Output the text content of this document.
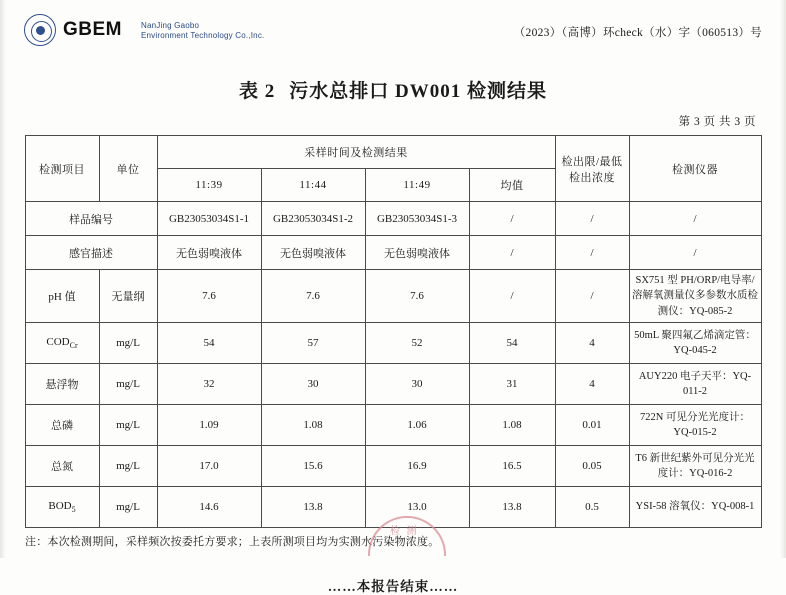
GBEM NanJing Gaobo
Environment Technology Co.,Inc.	（2023）（高博）环check（水）字（060513）号
表 2 污水总排口 DW001 检测结果
第 3 页 共 3 页
检测项目	单位	采样时间及检测结果				检出限/最低检出浓度	检测仪器
		11:39	11:44	11:49	均值		
样品编号		GB23053034S1-1	GB23053034S1-2	GB23053034S1-3	/	/	/
感官描述		无色弱嗅液体	无色弱嗅液体	无色弱嗅液体	/	/	/
pH 值	无量纲	7.6	7.6	7.6	/	/	SX751 型 PH/ORP/电导率/溶解氧测量仪多参数水质检测仪：YQ-085-2
$COD_{Cr}$	mg/L	54	57	52	54	4	50mL 聚四氟乙烯滴定管：YQ-045-2
悬浮物	mg/L	32	30	30	31	4	AUY220 电子天平：YQ-011-2
总磷	mg/L	1.09	1.08	1.06	1.08	0.01	722N 可见分光光度计：YQ-015-2
总氮	mg/L	17.0	15.6	16.9	16.5	0.05	T6 新世纪紫外可见分光光度计：YQ-016-2
$BOD_5$	mg/L	14.6	13.8	13.0	13.8	0.5	YSI-58 溶氧仪：YQ-008-1
注：本次检测期间，采样频次按委托方要求；上表所测项目均为实测水污染物浓度。
……本报告结束……
检 测
